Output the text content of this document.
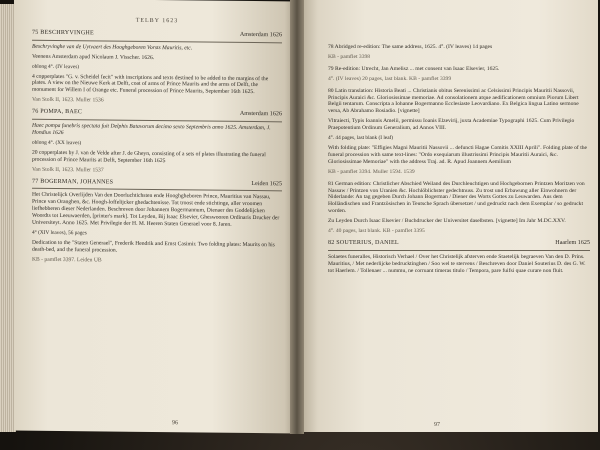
TELBY 1623
75 BESCHRYVINGHE	Amsterdam 1626

Beschryvinghe van de Uytvaert des Hooghgeboren Vorsts Mauritis, etc.

Veenens Amsterdam apud Nicolaum J. Visscher. 1626.

oblong 4°. (IV leaves)

4 copperplates "G. v. Scheidel fecit" with inscriptions and texts destined to be added to the margins of the plates. A view on the Nieuwe Kerk at Delft, coat of arms of Prince Maurits and the arms of Delft, the monument for Willem I of Orange etc. Funeral procession of Prince Maurits, September 16th 1625.

Van Stolk II, 1623. Muller 1536

76 POMPA, BAEC	Amsterdam 1626

Haec pompa funebris spectata fuit Delphis Batavorum decimo sexto Septembris anno 1625. Amsterdam, J. Hondius 1626

oblong 4°. (XX leaves)

20 copperplates by J. van de Velde after J. de Gheyn, consisting of a sets of plates illustrating the funeral procession of Prince Maurits at Delft, September 16th 1625

Van Stolk II, 1623. Muller 1537

77 BOGERMAN, JOHANNES	Leiden 1625

Het Christelijck Overlijden Van den Doorluchtichsten ende Hooghgheboren Prince, Mauritius van Nassau, Prince van Oranghen, &c. Hoogh-loffelijcker ghedachtenisse. Tot troost ende stichtinge, aller vroomen liefhebberen dieser Nederlanden. Beschreven door Johannem Bogermannum, Dienaer des Goddelijcken Woordts tot Leeuwaerden, [printer's mark]. Tot Leyden, Bij Isaac Elsevier, Gheswooren Ordinaris Drucker der Universiteyt. Anno 1625. Met Privilegie der H. M. Heeren Staten Generael voor 8. Jaren.

4° (XIV leaves), 56 pages

Dedication to the "Staten Generael", Frederik Hendrik and Ernst Casimir. Two folding plates: Maurits on his death-bed, and the funeral procession.

KB - pamflet 3397. Leiden UB

96

78 Abridged re-edition: The same address, 1625. 4°. (IV leaves) 14 pages

KB - pamflet 3398

79 Re-edition: Utrecht, Jan Amelisz ... met consent van Isaac Elsevier, 1625.

4°. (IV leaves) 20 pages, last blank. KB - pamflet 3399

80 Latin translation: Historia Beati ... Christianis obitus Serenissimi ac Celsissimi Principis Mauritii Nassovii, Principis Auraici &c. Gloriosissimae memoriae. Ad consolationem atque aedificationem omnium Piorum Libert Belgii tentarum. Conscripta a Iohanne Bogermanno Ecclesiaste Leovardiano. Ex Belgica lingua Latino sermone versa, Ab Abrahamo Bosiadio. [vignette]

Vltraiecti, Typis Ioannis Amelii, permissu Ioanis Elzevirij, juxta Academiae Typographi 1625. Cum Privilegio Praepotentium Ordinum Generalium, ad Annos VIII.

4°. 44 pages, last blank (I leaf)

With folding plate: "Effigies Magni Mauritii Nassovii ... defuncti Hagae Comitis XXIII Aprili". Folding plate of the funeral procession with same text-lines: "Ordo exequiarum illustrissimi Principis Mauritii Auraici, &c. Gloriosissimae Memoriae" with the address Traj. ad. R. Apud Joannem Aemilium

KB - pamflet 3394. Muller 1594. 1539

81 German edition: Christlicher Abschied Weiland des Durchleuchtigen und Hochgebornen Printzen Moritzen von Nassaw / Printzen von Uranien &c. Hochlöblichster gedechtnuss. Zu trost und Erbawung aller Einwohnern der Niderlande: An tag gegeben Durch Johann Bogerman / Diener des Worts Gottes zu Leuwarden. Aus dem Holländischen und Frantzösischen in Teutsche Sprach übersetzet / und gedruckt nach dem Exemplar / so gedruckt worden.

Zu Leyden Durch Isaac Elsevier / Buchdrucker der Universitet daselbsten. [vignette] Im Jahr M.DC.XXV.

4°. 40 pages, last blank. KB - pamflet 3395

82 SOUTERIUS, DANIEL	Haarlem 1625

Solaetes funeralles, Historisch Verhael / Over het Christelijk afsterven ende Staetelijk begraeven Van den D. Prins. Mauritius, / Met nederlijcke bedrucktinghen / Soo wel te stervens / Beschreven door Daniel Souterius D. des G. W. tot Haerlem. / Tollenaer ... nummu, ne corruant timeras titulo / Tempora, pare fuifsi quae curare non fluit.

97
